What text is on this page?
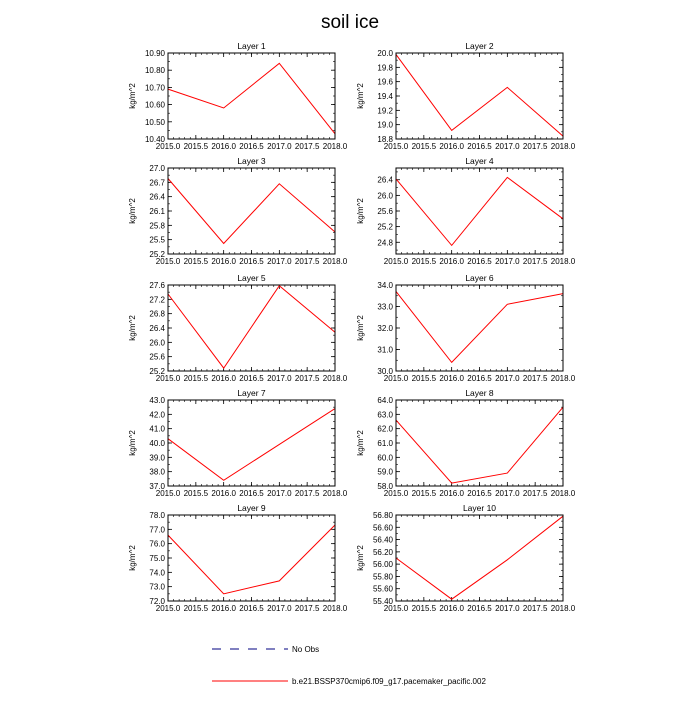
soil ice
Layer 1
kg/m^2
2015.0 2015.5 2016.0 2016.5 2017.0 2017.5 2018.0
10.40
10.50
10.60
10.70
10.80
10.90
Layer 2
kg/m^2
2015.0 2015.5 2016.0 2016.5 2017.0 2017.5 2018.0
18.8
19.0
19.2
19.4
19.6
19.8
20.0
Layer 3
kg/m^2
2015.0 2015.5 2016.0 2016.5 2017.0 2017.5 2018.0
25.2
25.5
25.8
26.1
26.4
26.7
27.0
Layer 4
kg/m^2
2015.0 2015.5 2016.0 2016.5 2017.0 2017.5 2018.0
24.8
25.2
25.6
26.0
26.4
Layer 5
kg/m^2
2015.0 2015.5 2016.0 2016.5 2017.0 2017.5 2018.0
25.2
25.6
26.0
26.4
26.8
27.2
27.6
Layer 6
kg/m^2
2015.0 2015.5 2016.0 2016.5 2017.0 2017.5 2018.0
30.0
31.0
32.0
33.0
34.0
Layer 7
kg/m^2
2015.0 2015.5 2016.0 2016.5 2017.0 2017.5 2018.0
37.0
38.0
39.0
40.0
41.0
42.0
43.0
Layer 8
kg/m^2
2015.0 2015.5 2016.0 2016.5 2017.0 2017.5 2018.0
58.0
59.0
60.0
61.0
62.0
63.0
64.0
Layer 9
kg/m^2
2015.0 2015.5 2016.0 2016.5 2017.0 2017.5 2018.0
72.0
73.0
74.0
75.0
76.0
77.0
78.0
Layer 10
kg/m^2
2015.0 2015.5 2016.0 2016.5 2017.0 2017.5 2018.0
55.40
55.60
55.80
56.00
56.20
56.40
56.60
56.80
No Obs
b.e21.BSSP370cmip6.f09_g17.pacemaker_pacific.002
